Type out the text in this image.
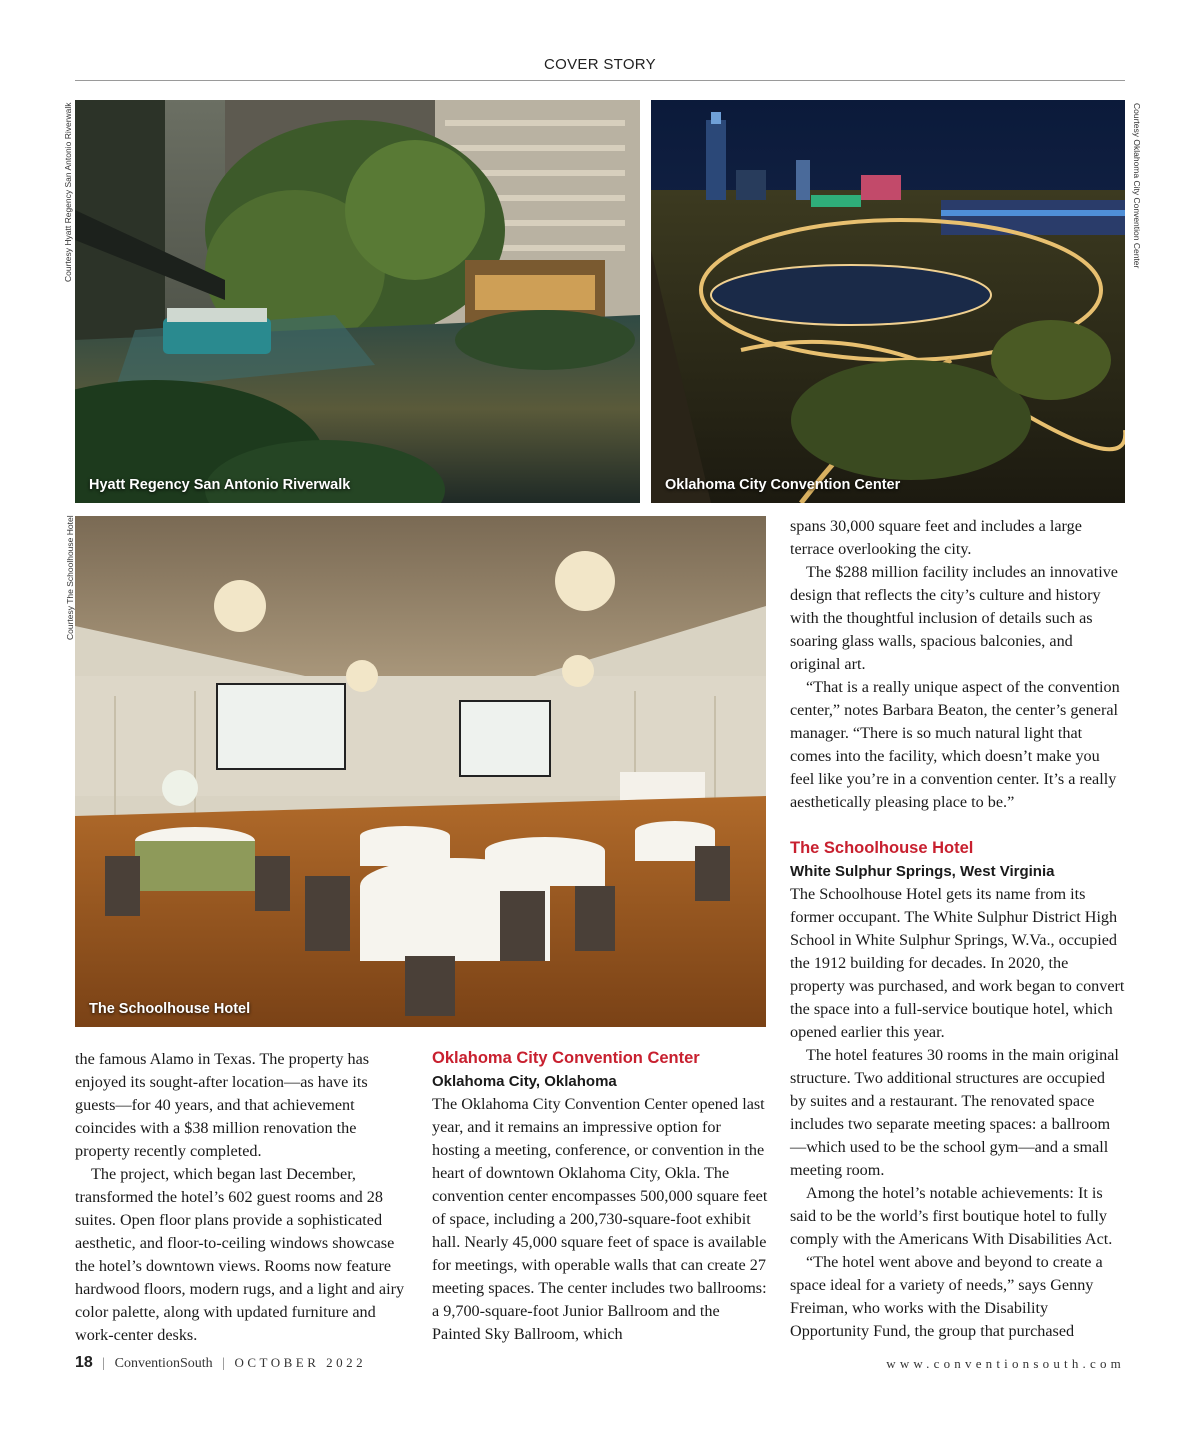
COVER STORY
Hyatt Regency San Antonio Riverwalk
Courtesy Hyatt Regency San Antonio Riverwalk
Oklahoma City Convention Center
Courtesy Oklahoma City Convention Center
The Schoolhouse Hotel
Courtesy The Schoolhouse Hotel

the famous Alamo in Texas. The property has enjoyed its sought-after location—as have its guests—for 40 years, and that achievement coincides with a $38 million renovation the property recently completed.

The project, which began last December, transformed the hotel’s 602 guest rooms and 28 suites. Open floor plans provide a sophisticated aesthetic, and floor-to-ceiling windows showcase the hotel’s downtown views. Rooms now feature hardwood floors, modern rugs, and a light and airy color palette, along with updated furniture and work-center desks.

Oklahoma City Convention Center
Oklahoma City, Oklahoma

The Oklahoma City Convention Center opened last year, and it remains an impressive option for hosting a meeting, conference, or convention in the heart of downtown Oklahoma City, Okla. The convention center encompasses 500,000 square feet of space, including a 200,730-square-foot exhibit hall. Nearly 45,000 square feet of space is available for meetings, with operable walls that can create 27 meeting spaces. The center includes two ballrooms: a 9,700-square-foot Junior Ballroom and the Painted Sky Ballroom, which

spans 30,000 square feet and includes a large terrace overlooking the city.

The $288 million facility includes an innovative design that reflects the city’s culture and history with the thoughtful inclusion of details such as soaring glass walls, spacious balconies, and original art.

“That is a really unique aspect of the convention center,” notes Barbara Beaton, the center’s general manager. “There is so much natural light that comes into the facility, which doesn’t make you feel like you’re in a convention center. It’s a really aesthetically pleasing place to be.”

The Schoolhouse Hotel
White Sulphur Springs, West Virginia

The Schoolhouse Hotel gets its name from its former occupant. The White Sulphur District High School in White Sulphur Springs, W.Va., occupied the 1912 building for decades. In 2020, the property was purchased, and work began to convert the space into a full-service boutique hotel, which opened earlier this year.

The hotel features 30 rooms in the main original structure. Two additional structures are occupied by suites and a restaurant. The renovated space includes two separate meeting spaces: a ballroom—which used to be the school gym—and a small meeting room.

Among the hotel’s notable achievements: It is said to be the world’s first boutique hotel to fully comply with the Americans With Disabilities Act.

“The hotel went above and beyond to create a space ideal for a variety of needs,” says Genny Freiman, who works with the Disability Opportunity Fund, the group that purchased

18 | ConventionSouth | OCTOBER 2022	www.conventionsouth.com
